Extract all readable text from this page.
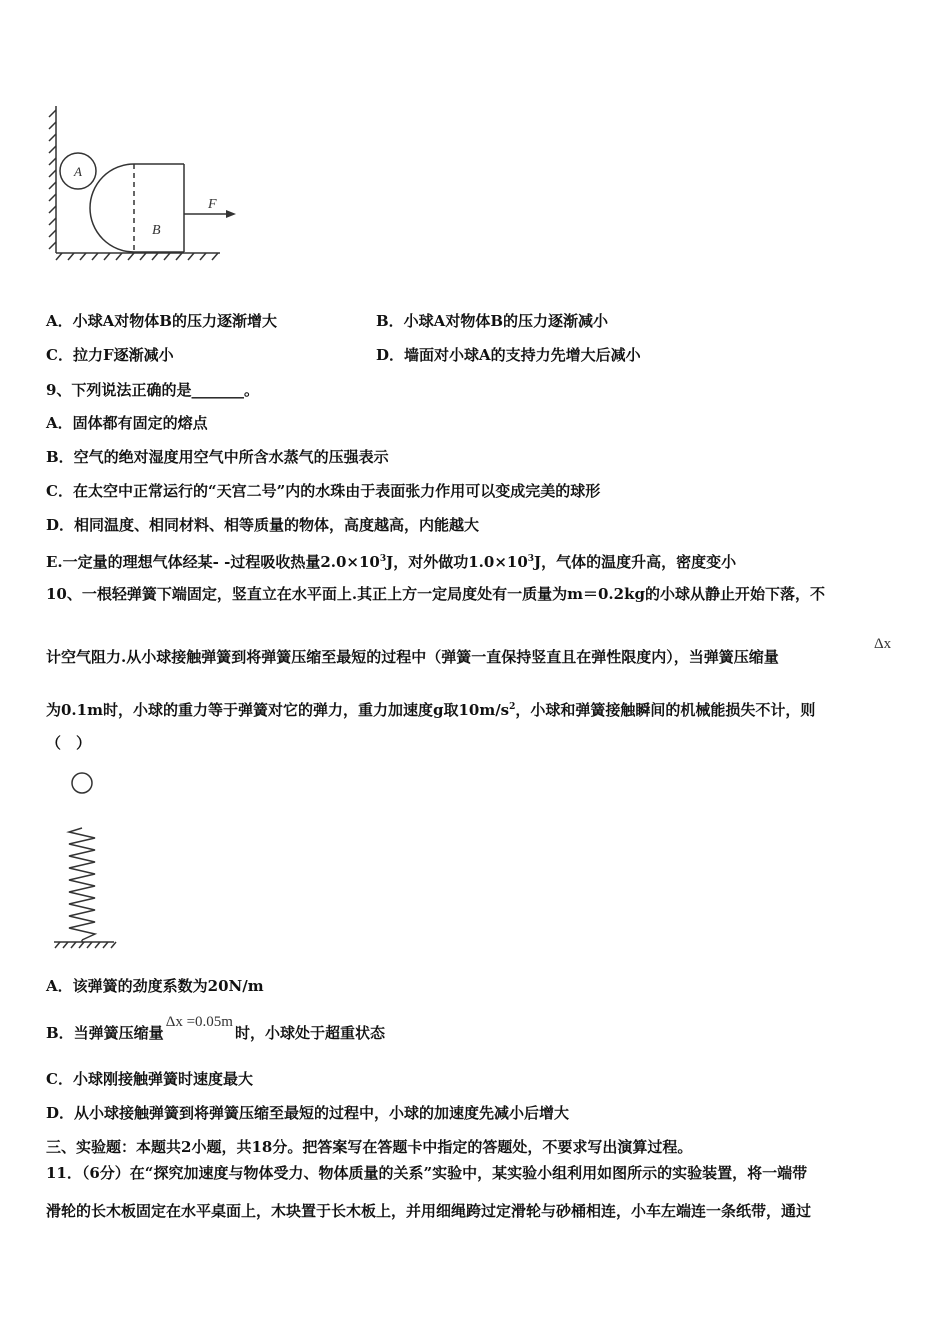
A
B
F
A．小球A对物体B的压力逐渐增大	B．小球A对物体B的压力逐渐减小
C．拉力F逐渐减小	D．墙面对小球A的支持力先增大后减小
9、下列说法正确的是_______。
A．固体都有固定的熔点
B．空气的绝对湿度用空气中所含水蒸气的压强表示
C．在太空中正常运行的“天宫二号”内的水珠由于表面张力作用可以变成完美的球形
D．相同温度、相同材料、相等质量的物体，高度越高，内能越大
E.一定量的理想气体经某- -过程吸收热量$2.0\times 10^3J$，对外做功$1.0\times 10^3J$，气体的温度升高，密度变小
10、一根轻弹簧下端固定，竖直立在水平面上.其正上方一定局度处有一质量为m＝0.2kg的小球从静止开始下落，不
计空气阻力.从小球接触弹簧到将弹簧压缩至最短的过程中（弹簧一直保持竖直且在弹性限度内），当弹簧压缩量
Δx
为0.1m时，小球的重力等于弹簧对它的弹力，重力加速度g取$10m/s^2$，小球和弹簧接触瞬间的机械能损失不计，则
（　）
A．该弹簧的劲度系数为20N/m
B．当弹簧压缩量Δx =0.05m时，小球处于超重状态
C．小球刚接触弹簧时速度最大
D．从小球接触弹簧到将弹簧压缩至最短的过程中，小球的加速度先减小后增大
三、实验题：本题共2小题，共18分。把答案写在答题卡中指定的答题处，不要求写出演算过程。
11．（6分）在“探究加速度与物体受力、物体质量的关系”实验中，某实验小组利用如图所示的实验装置，将一端带
滑轮的长木板固定在水平桌面上，木块置于长木板上，并用细绳跨过定滑轮与砂桶相连，小车左端连一条纸带，通过
